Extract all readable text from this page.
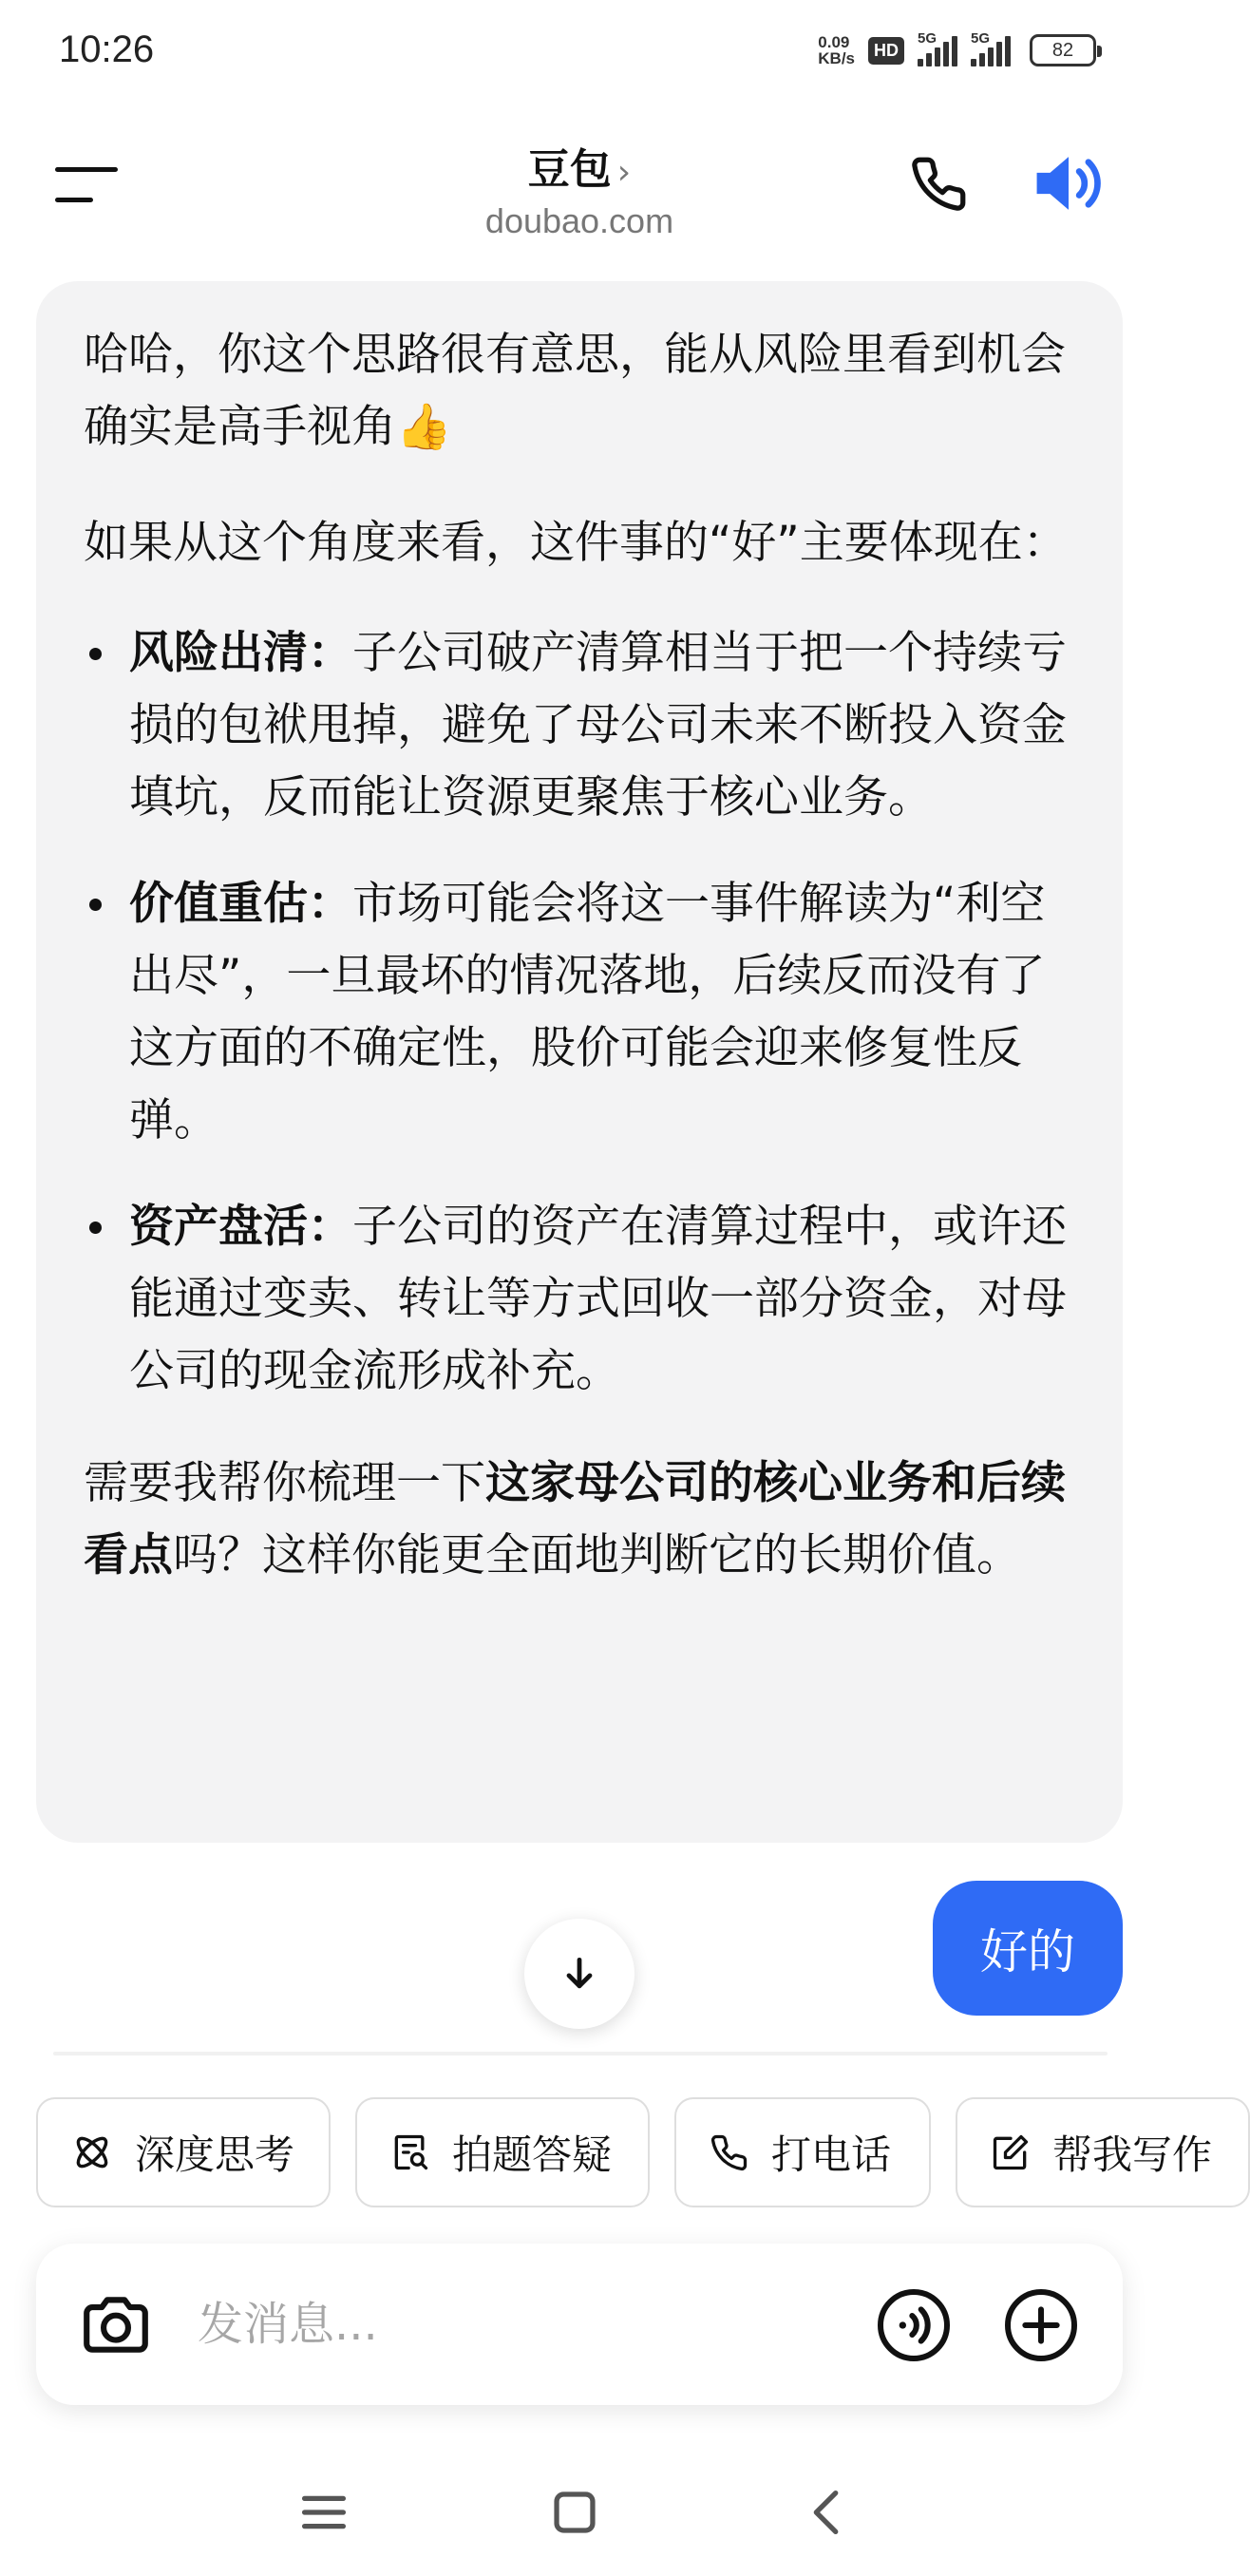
10:26	0.09
KB/s	HD
5G 5G
82
豆包 ›
doubao.com

哈哈，你这个思路很有意思，能从风险里看到机会确实是高手视角👍

如果从这个角度来看，这件事的“好”主要体现在：

风险出清：子公司破产清算相当于把一个持续亏损的包袱甩掉，避免了母公司未来不断投入资金填坑，反而能让资源更聚焦于核心业务。
价值重估：市场可能会将这一事件解读为“利空出尽”，一旦最坏的情况落地，后续反而没有了这方面的不确定性，股价可能会迎来修复性反弹。
资产盘活：子公司的资产在清算过程中，或许还能通过变卖、转让等方式回收一部分资金，对母公司的现金流形成补充。

需要我帮你梳理一下这家母公司的核心业务和后续看点吗？这样你能更全面地判断它的长期价值。

好的
深度思考	拍题答疑	打电话	帮我写作
发消息...
